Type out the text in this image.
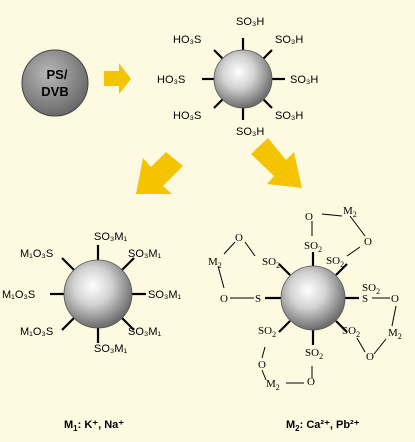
PS/
DVB
SO₃H
SO₃H
SO₃H
SO₃H
SO₃H
HO₃S
HO₃S
HO₃S
SO₃M₁
SO₃M₁
SO₃M₁
SO₃M₁
SO₃M₁
M₁O₃S
M₁O₃S
M₁O₃S
O	$M_2$
O
$SO_2$
$SO_2$
O
$M_2$	$SO_2$
O S
$SO_2$
S O
$M_2$
O
$SO_2$
$SO_2$
$SO_2$
O
$M_2$ O
$M_1$: K⁺, Na⁺	$M_2$: Ca²⁺, Pb²⁺
